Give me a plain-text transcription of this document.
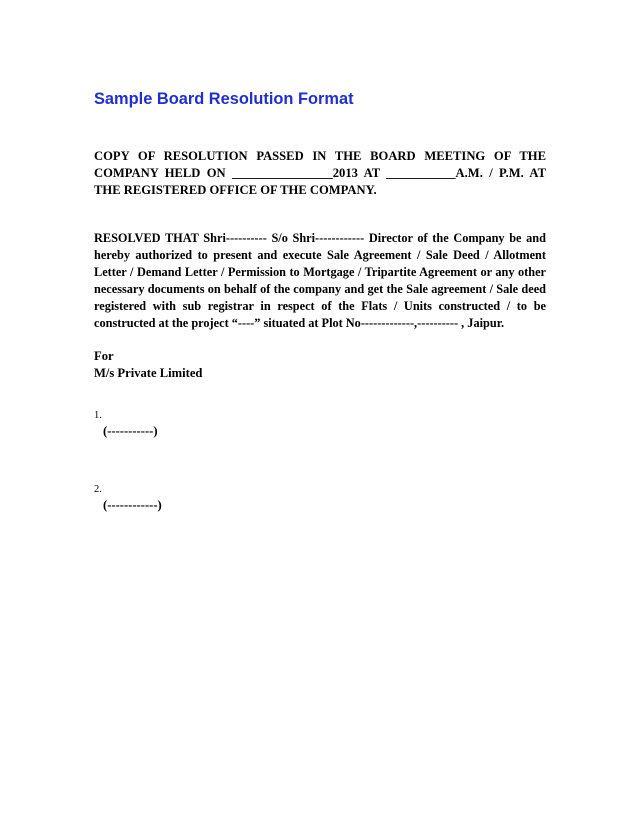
Sample Board Resolution Format

COPY OF RESOLUTION PASSED IN THE BOARD MEETING OF THE COMPANY HELD ON ________________2013 AT ___________A.M. / P.M. AT THE REGISTERED OFFICE OF THE COMPANY.

RESOLVED THAT Shri---------- S/o Shri------------ Director of the Company be and hereby authorized to present and execute Sale Agreement / Sale Deed / Allotment Letter / Demand Letter / Permission to Mortgage / Tripartite Agreement or any other necessary documents on behalf of the company and get the Sale agreement / Sale deed registered with sub registrar in respect of the Flats / Units constructed / to be constructed at the project “----” situated at Plot No-------------,---------- , Jaipur.

For
M/s Private Limited
1.
(-----------)
2.
(------------)
